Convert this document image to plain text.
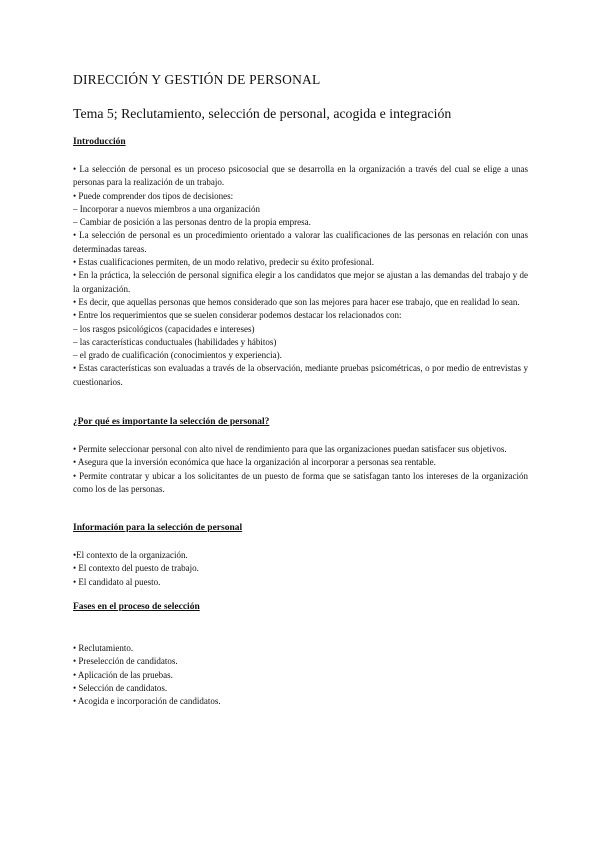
DIRECCIÓN Y GESTIÓN DE PERSONAL
Tema 5; Reclutamiento, selección de personal, acogida e integración
Introducción
• La selección de personal es un proceso psicosocial que se desarrolla en la organización a través del cual se elige a unas personas para la realización de un trabajo.
• Puede comprender dos tipos de decisiones:
– Incorporar a nuevos miembros a una organización
– Cambiar de posición a las personas dentro de la propia empresa.
• La selección de personal es un procedimiento orientado a valorar las cualificaciones de las personas en relación con unas determinadas tareas.
• Estas cualificaciones permiten, de un modo relativo, predecir su éxito profesional.
• En la práctica, la selección de personal significa elegir a los candidatos que mejor se ajustan a las demandas del trabajo y de la organización.
• Es decir, que aquellas personas que hemos considerado que son las mejores para hacer ese trabajo, que en realidad lo sean.
• Entre los requerimientos que se suelen considerar podemos destacar los relacionados con:
– los rasgos psicológicos (capacidades e intereses)
– las características conductuales (habilidades y hábitos)
– el grado de cualificación (conocimientos y experiencia).
• Estas características son evaluadas a través de la observación, mediante pruebas psicométricas, o por medio de entrevistas y cuestionarios.
¿Por qué es importante la selección de personal?
• Permite seleccionar personal con alto nivel de rendimiento para que las organizaciones puedan satisfacer sus objetivos.
• Asegura que la inversión económica que hace la organización al incorporar a personas sea rentable.
• Permite contratar y ubicar a los solicitantes de un puesto de forma que se satisfagan tanto los intereses de la organización como los de las personas.
Información para la selección de personal
•El contexto de la organización.
• El contexto del puesto de trabajo.
• El candidato al puesto.
Fases en el proceso de selección
• Reclutamiento.
• Preselección de candidatos.
• Aplicación de las pruebas.
• Selección de candidatos.
• Acogida e incorporación de candidatos.
